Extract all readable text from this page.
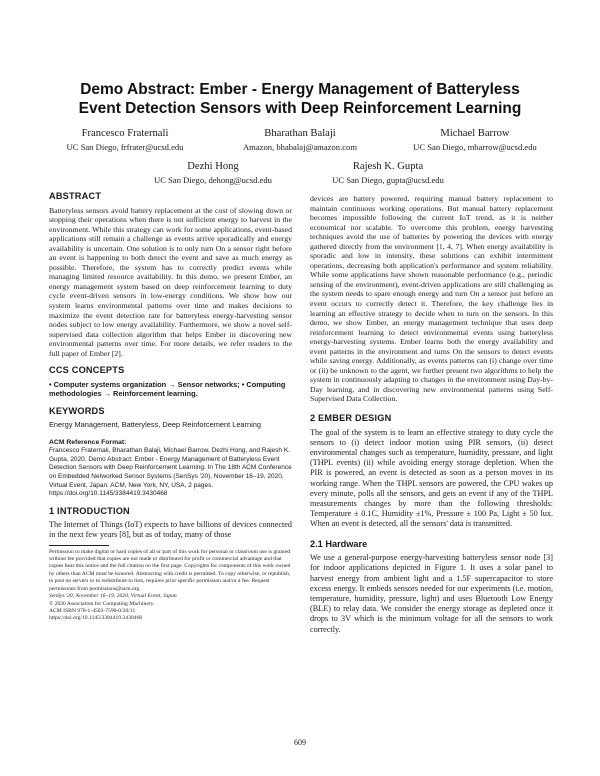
Demo Abstract: Ember - Energy Management of Batteryless
Event Detection Sensors with Deep Reinforcement Learning
Francesco Fraternali
UC San Diego, frfrater@ucsd.edu
Bharathan Balaji
Amazon, bhabalaj@amazon.com
Michael Barrow
UC San Diego, mbarrow@ucsd.edu
Dezhi Hong
UC San Diego, dehong@ucsd.edu
Rajesh K. Gupta
UC San Diego, gupta@ucsd.edu
ABSTRACT

Batteryless sensors avoid battery replacement at the cost of slowing down or stopping their operations when there is not sufficient energy to harvest in the environment. While this strategy can work for some applications, event-based applications still remain a challenge as events arrive sporadically and energy availability is uncertain. One solution is to only turn On a sensor right before an event is happening to both detect the event and save as much energy as possible. Therefore, the system has to correctly predict events while managing limited resource availability. In this demo, we present Ember, an energy management system based on deep reinforcement learning to duty cycle event-driven sensors in low-energy conditions. We show how our system learns environmental patterns over time and makes decisions to maximize the event detection rate for batteryless energy-harvesting sensor nodes subject to low energy availability. Furthermore, we show a novel self-supervised data collection algorithm that helps Ember in discovering new environmental patterns over time. For more details, we refer readers to the full paper of Ember [2].

CCS CONCEPTS

• Computer systems organization → Sensor networks; • Computing methodologies → Reinforcement learning.

KEYWORDS

Energy Management, Batteryless, Deep Reinforcement Learning

ACM Reference Format:

Francesco Fraternali, Bharathan Balaji, Michael Barrow, Dezhi Hong, and Rajesh K. Gupta. 2020. Demo Abstract: Ember - Energy Management of Batteryless Event Detection Sensors with Deep Reinforcement Learning. In The 18th ACM Conference on Embedded Networked Sensor Systems (SenSys '20), November 16–19, 2020, Virtual Event, Japan. ACM, New York, NY, USA, 2 pages. https://doi.org/10.1145/3384419.3430468

1 INTRODUCTION

The Internet of Things (IoT) expects to have billions of devices connected in the next few years [8], but as of today, many of those

Permission to make digital or hard copies of all or part of this work for personal or classroom use is granted without fee provided that copies are not made or distributed for profit or commercial advantage and that copies bear this notice and the full citation on the first page. Copyrights for components of this work owned by others than ACM must be honored. Abstracting with credit is permitted. To copy otherwise, or republish, to post on servers or to redistribute to lists, requires prior specific permission and/or a fee. Request permissions from permissions@acm.org.

SenSys '20, November 16–19, 2020, Virtual Event, Japan

© 2020 Association for Computing Machinery.

ACM ISBN 978-1-4503-7590-0/20/11.

https://doi.org/10.1145/3384419.3430468

devices are battery powered, requiring manual battery replacement to maintain continuous working operations. But manual battery replacement becomes impossible following the current IoT trend, as it is neither economical nor scalable. To overcome this problem, energy harvesting techniques avoid the use of batteries by powering the devices with energy gathered directly from the environment [1, 4, 7]. When energy availability is sporadic and low in intensity, these solutions can exhibit intermittent operations, decreasing both application's performance and system reliability. While some applications have shown reasonable performance (e.g., periodic sensing of the environment), event-driven applications are still challenging as the system needs to spare enough energy and turn On a sensor just before an event occurs to correctly detect it. Therefore, the key challenge lies in learning an effective strategy to decide when to turn on the sensors. In this demo, we show Ember, an energy management technique that uses deep reinforcement learning to detect environmental events using batteryless energy-harvesting systems. Ember learns both the energy availability and event patterns in the environment and turns On the sensors to detect events while saving energy. Additionally, as events patterns can (i) change over time or (ii) be unknown to the agent, we further present two algorithms to help the system in continuously adapting to changes in the environment using Day-by-Day learning, and in discovering new environmental patterns using Self-Supervised Data Collection.

2 EMBER DESIGN

The goal of the system is to learn an effective strategy to duty cycle the sensors to (i) detect indoor motion using PIR sensors, (ii) detect environmental changes such as temperature, humidity, pressure, and light (THPL events) (ii) while avoiding energy storage depletion. When the PIR is powered, an event is detected as soon as a person moves in its working range. When the THPL sensors are powered, the CPU wakes up every minute, polls all the sensors, and gets an event if any of the THPL measurements changes by more than the following thresholds: Temperature ± 0.1C, Humidity ±1%, Pressure ± 100 Pa, Light ± 50 lux. When an event is detected, all the sensors' data is transmitted.

2.1 Hardware

We use a general-purpose energy-harvesting batteryless sensor node [3] for indoor applications depicted in Figure 1. It uses a solar panel to harvest energy from ambient light and a 1.5F supercapacitor to store excess energy. It embeds sensors needed for our experiments (i.e. motion, temperature, humidity, pressure, light) and uses Bluetooth Low Energy (BLE) to relay data. We consider the energy storage as depleted once it drops to 3V which is the minimum voltage for all the sensors to work correctly.

609
